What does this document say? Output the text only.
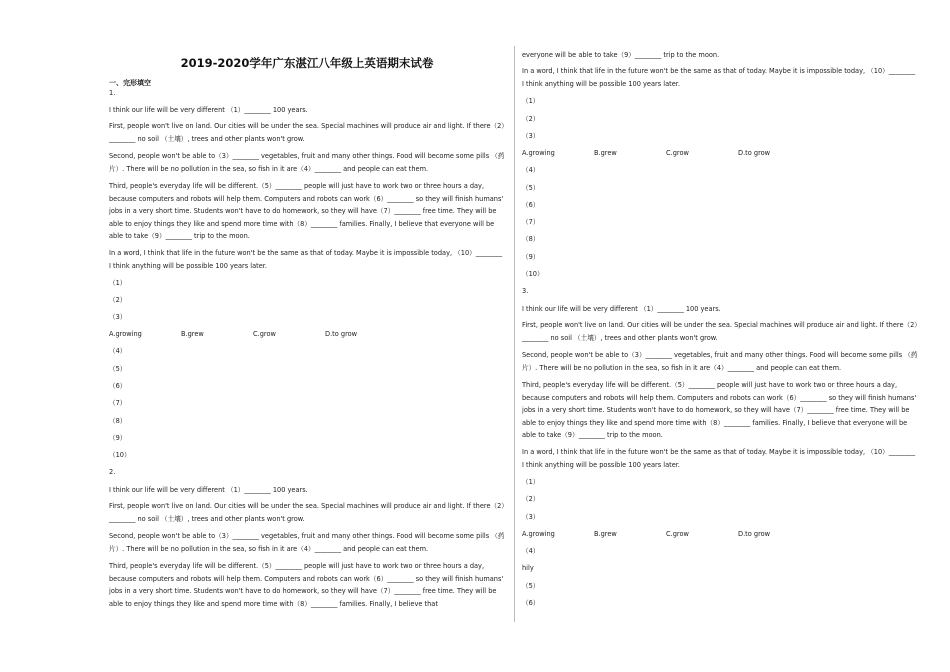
2019-2020学年广东湛江八年级上英语期末试卷
一、完形填空
1.
I think our life will be very different （1）________ 100 years.
First, people won't live on land. Our cities will be under the sea. Special machines will produce air and light. If there（2）________ no soil （土壤）, trees and other plants won't grow.
Second, people won't be able to（3）________ vegetables, fruit and many other things. Food will become some pills （药片）. There will be no pollution in the sea, so fish in it are（4）________ and people can eat them.
Third, people's everyday life will be different.（5）________ people will just have to work two or three hours a day, because computers and robots will help them. Computers and robots can work（6）________ so they will finish humans' jobs in a very short time. Students won't have to do homework, so they will have（7）________ free time. They will be able to enjoy things they like and spend more time with（8）________ families. Finally, I believe that everyone will be able to take（9）________ trip to the moon.
In a word, I think that life in the future won't be the same as that of today. Maybe it is impossible today, （10）________ I think anything will be possible 100 years later.
（1）
（2）
（3）
A.growing	B.grew	C.grow	D.to grow
（4）
（5）
（6）
（7）
（8）
（9）
（10）
2.
I think our life will be very different （1）________ 100 years.
First, people won't live on land. Our cities will be under the sea. Special machines will produce air and light. If there（2）________ no soil （土壤）, trees and other plants won't grow.
Second, people won't be able to（3）________ vegetables, fruit and many other things. Food will become some pills （药片）. There will be no pollution in the sea, so fish in it are（4）________ and people can eat them.
Third, people's everyday life will be different.（5）________ people will just have to work two or three hours a day, because computers and robots will help them. Computers and robots can work（6）________ so they will finish humans' jobs in a very short time. Students won't have to do homework, so they will have（7）________ free time. They will be able to enjoy things they like and spend more time with（8）________ families. Finally, I believe that
everyone will be able to take（9）________ trip to the moon.
In a word, I think that life in the future won't be the same as that of today. Maybe it is impossible today, （10）________ I think anything will be possible 100 years later.
（1）
（2）
（3）
A.growing	B.grew	C.grow	D.to grow
（4）
（5）
（6）
（7）
（8）
（9）
（10）
3.
I think our life will be very different （1）________ 100 years.
First, people won't live on land. Our cities will be under the sea. Special machines will produce air and light. If there（2）________ no soil （土壤）, trees and other plants won't grow.
Second, people won't be able to（3）________ vegetables, fruit and many other things. Food will become some pills （药片）. There will be no pollution in the sea, so fish in it are（4）________ and people can eat them.
Third, people's everyday life will be different.（5）________ people will just have to work two or three hours a day, because computers and robots will help them. Computers and robots can work（6）________ so they will finish humans' jobs in a very short time. Students won't have to do homework, so they will have（7）________ free time. They will be able to enjoy things they like and spend more time with（8）________ families. Finally, I believe that everyone will be able to take（9）________ trip to the moon.
In a word, I think that life in the future won't be the same as that of today. Maybe it is impossible today, （10）________ I think anything will be possible 100 years later.
（1）
（2）
（3）
A.growing	B.grew	C.grow	D.to grow
（4）
hily
（5）
（6）
